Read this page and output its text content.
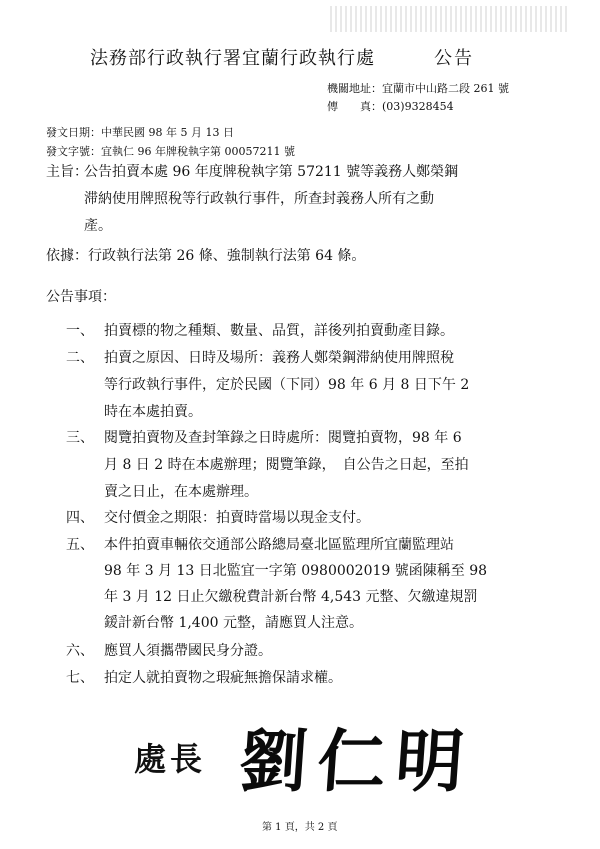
法務部行政執行署宜蘭行政執行處	公告
機關地址：宜蘭市中山路二段 261 號
傳　　真：(03)9328454
發文日期：中華民國 98 年 5 月 13 日
發文字號：宜執仁 96 年牌稅執字第 00057211 號
主旨：
公告拍賣本處 96 年度牌稅執字第 57211 號等義務人鄭榮鋼
滞納使用牌照稅等行政執行事件，所查封義務人所有之動
產。
依據：行政執行法第 26 條、強制執行法第 64 條。
公告事項：
一、 拍賣標的物之種類、數量、品質，詳後列拍賣動產目錄。
二、 拍賣之原因、日時及場所：義務人鄭榮鋼滞納使用牌照稅
等行政執行事件，定於民國（下同）98 年 6 月 8 日下午 2
時在本處拍賣。
三、 閱覽拍賣物及查封筆錄之日時處所：閱覽拍賣物，98 年 6
月 8 日 2 時在本處辦理；閱覽筆錄，　自公告之日起，至拍
賣之日止，在本處辦理。
四、 交付價金之期限：拍賣時當場以現金支付。
五、 本件拍賣車輛依交通部公路總局臺北區監理所宜蘭監理站
98 年 3 月 13 日北監宜一字第 0980002019 號函陳稱至 98
年 3 月 12 日止欠繳稅費計新台幣 4,543 元整、欠繳違規罰
鍰計新台幣 1,400 元整，請應買人注意。
六、 應買人須攜帶國民身分證。
七、 拍定人就拍賣物之瑕疵無擔保請求權。
處長 劉仁明
第 1 頁，共 2 頁
